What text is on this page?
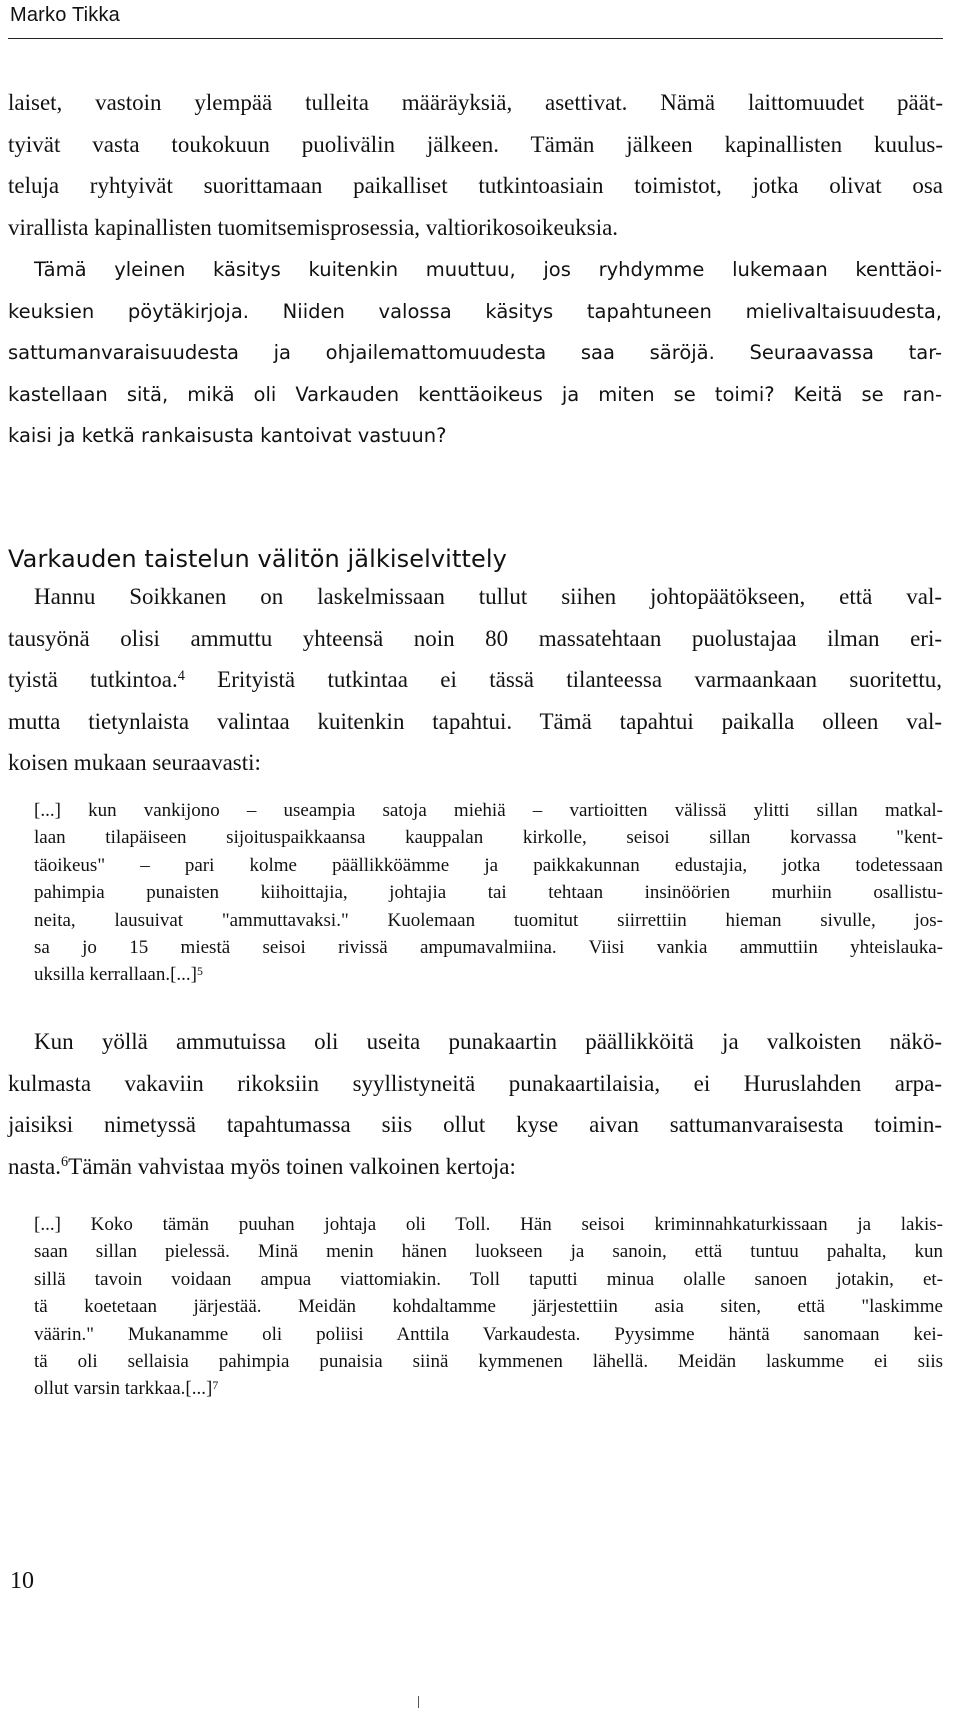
Marko Tikka

laiset, vastoin ylempää tulleita määräyksiä, asettivat. Nämä laittomuudet päät-
tyivät vasta toukokuun puolivälin jälkeen. Tämän jälkeen kapinallisten kuulus-
teluja ryhtyivät suorittamaan paikalliset tutkintoasiain toimistot, jotka olivat osa
virallista kapinallisten tuomitsemisprosessia, valtiorikosoikeuksia.

Tämä yleinen käsitys kuitenkin muuttuu, jos ryhdymme lukemaan kenttäoi-
keuksien pöytäkirjoja. Niiden valossa käsitys tapahtuneen mielivaltaisuudesta,
sattumanvaraisuudesta ja ohjailemattomuudesta saa säröjä. Seuraavassa tar-
kastellaan sitä, mikä oli Varkauden kenttäoikeus ja miten se toimi? Keitä se ran-
kaisi ja ketkä rankaisusta kantoivat vastuun?

Varkauden taistelun välitön jälkiselvittely

Hannu Soikkanen on laskelmissaan tullut siihen johtopäätökseen, että val-
tausyönä olisi ammuttu yhteensä noin 80 massatehtaan puolustajaa ilman eri-
tyistä tutkintoa.$^4$ Erityistä tutkintaa ei tässä tilanteessa varmaankaan suoritettu,
mutta tietynlaista valintaa kuitenkin tapahtui. Tämä tapahtui paikalla olleen val-
koisen mukaan seuraavasti:

[...] kun vankijono – useampia satoja miehiä – vartioitten välissä ylitti sillan matkal-
laan tilapäiseen sijoituspaikkaansa kauppalan kirkolle, seisoi sillan korvassa "kent-
täoikeus" – pari kolme päällikköämme ja paikkakunnan edustajia, jotka todetessaan
pahimpia punaisten kiihoittajia, johtajia tai tehtaan insinöörien murhiin osallistu-
neita, lausuivat "ammuttavaksi." Kuolemaan tuomitut siirrettiin hieman sivulle, jos-
sa jo 15 miestä seisoi rivissä ampumavalmiina. Viisi vankia ammuttiin yhteislauka-
uksilla kerrallaan.[...]$^5$

Kun yöllä ammutuissa oli useita punakaartin päällikköitä ja valkoisten näkö-
kulmasta vakaviin rikoksiin syyllistyneitä punakaartilaisia, ei Huruslahden arpa-
jaisiksi nimetyssä tapahtumassa siis ollut kyse aivan sattumanvaraisesta toimin-
nasta.$^6$Tämän vahvistaa myös toinen valkoinen kertoja:

[...] Koko tämän puuhan johtaja oli Toll. Hän seisoi kriminnahkaturkissaan ja lakis-
saan sillan pielessä. Minä menin hänen luokseen ja sanoin, että tuntuu pahalta, kun
sillä tavoin voidaan ampua viattomiakin. Toll taputti minua olalle sanoen jotakin, et-
tä koetetaan järjestää. Meidän kohdaltamme järjestettiin asia siten, että "laskimme
väärin." Mukanamme oli poliisi Anttila Varkaudesta. Pyysimme häntä sanomaan kei-
tä oli sellaisia pahimpia punaisia siinä kymmenen lähellä. Meidän laskumme ei siis
ollut varsin tarkkaa.[...]$^7$

10
